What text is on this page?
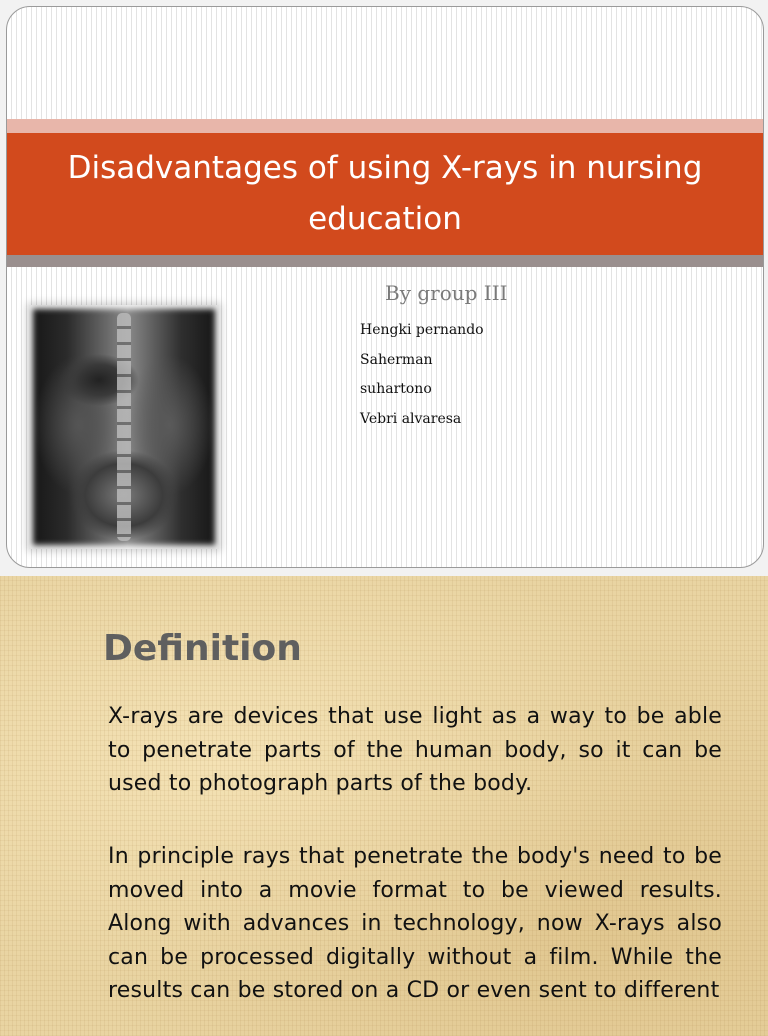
Disadvantages of using X-rays in nursing education
By group III
Hengki pernando
Saherman
suhartono
Vebri alvaresa
Definition

X-rays are devices that use light as a way to be able to penetrate parts of the human body, so it can be used to photograph parts of the body.

In principle rays that penetrate the body's need to be moved into a movie format to be viewed results. Along with advances in technology, now X-rays also can be processed digitally without a film. While the results can be stored on a CD or even sent to different
